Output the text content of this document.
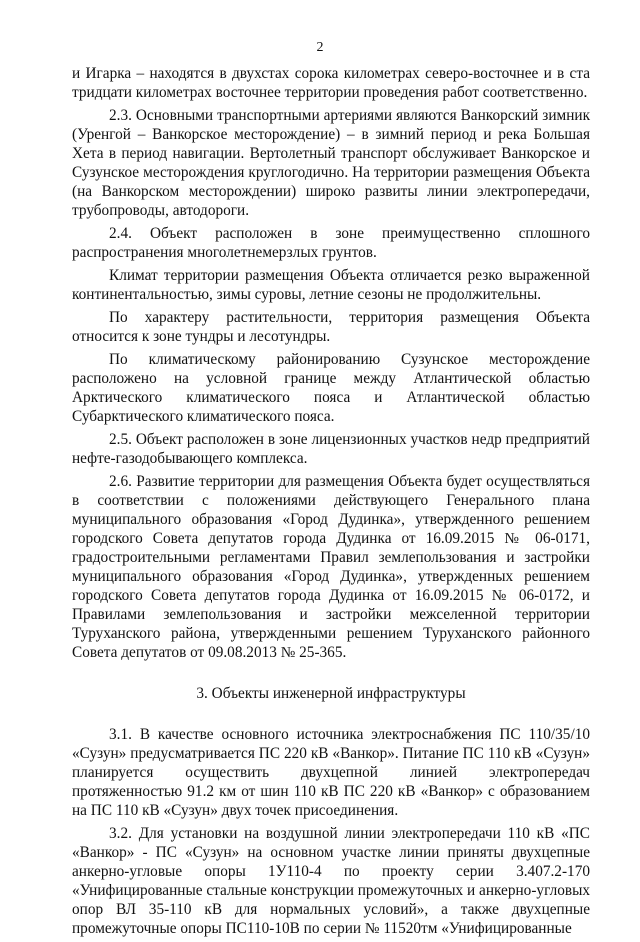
2

и Игарка – находятся в двухстах сорока километрах северо-восточнее и в ста тридцати километрах восточнее территории проведения работ соответственно.

2.3. Основными транспортными артериями являются Ванкорский зимник (Уренгой – Ванкорское месторождение) – в зимний период и река Большая Хета в период навигации. Вертолетный транспорт обслуживает Ванкорское и Сузунское месторождения круглогодично. На территории размещения Объекта (на Ванкорском месторождении) широко развиты линии электропередачи, трубопроводы, автодороги.

2.4. Объект расположен в зоне преимущественно сплошного распространения многолетнемерзлых грунтов.

Климат территории размещения Объекта отличается резко выраженной континентальностью, зимы суровы, летние сезоны не продолжительны.

По характеру растительности, территория размещения Объекта относится к зоне тундры и лесотундры.

По климатическому районированию Сузунское месторождение расположено на условной границе между Атлантической областью Арктического климатического пояса и Атлантической областью Субарктического климатического пояса.

2.5. Объект расположен в зоне лицензионных участков недр предприятий нефте-газодобывающего комплекса.

2.6. Развитие территории для размещения Объекта будет осуществляться в соответствии с положениями действующего Генерального плана муниципального образования «Город Дудинка», утвержденного решением городского Совета депутатов города Дудинка от 16.09.2015 № 06-0171, градостроительными регламентами Правил землепользования и застройки муниципального образования «Город Дудинка», утвержденных решением городского Совета депутатов города Дудинка от 16.09.2015 № 06-0172, и Правилами землепользования и застройки межселенной территории Туруханского района, утвержденными решением Туруханского районного Совета депутатов от 09.08.2013 № 25-365.

3. Объекты инженерной инфраструктуры

3.1. В качестве основного источника электроснабжения ПС 110/35/10 «Сузун» предусматривается ПС 220 кВ «Ванкор». Питание ПС 110 кВ «Сузун» планируется осуществить двухцепной линией электропередач протяженностью 91.2 км от шин 110 кВ ПС 220 кВ «Ванкор» с образованием на ПС 110 кВ «Сузун» двух точек присоединения.

3.2. Для установки на воздушной линии электропередачи 110 кВ «ПС «Ванкор» - ПС «Сузун» на основном участке линии приняты двухцепные анкерно-угловые опоры 1У110-4 по проекту серии 3.407.2-170 «Унифицированные стальные конструкции промежуточных и анкерно-угловых опор ВЛ 35-110 кВ для нормальных условий», а также двухцепные промежуточные опоры ПС110-10В по серии № 11520тм «Унифицированные
